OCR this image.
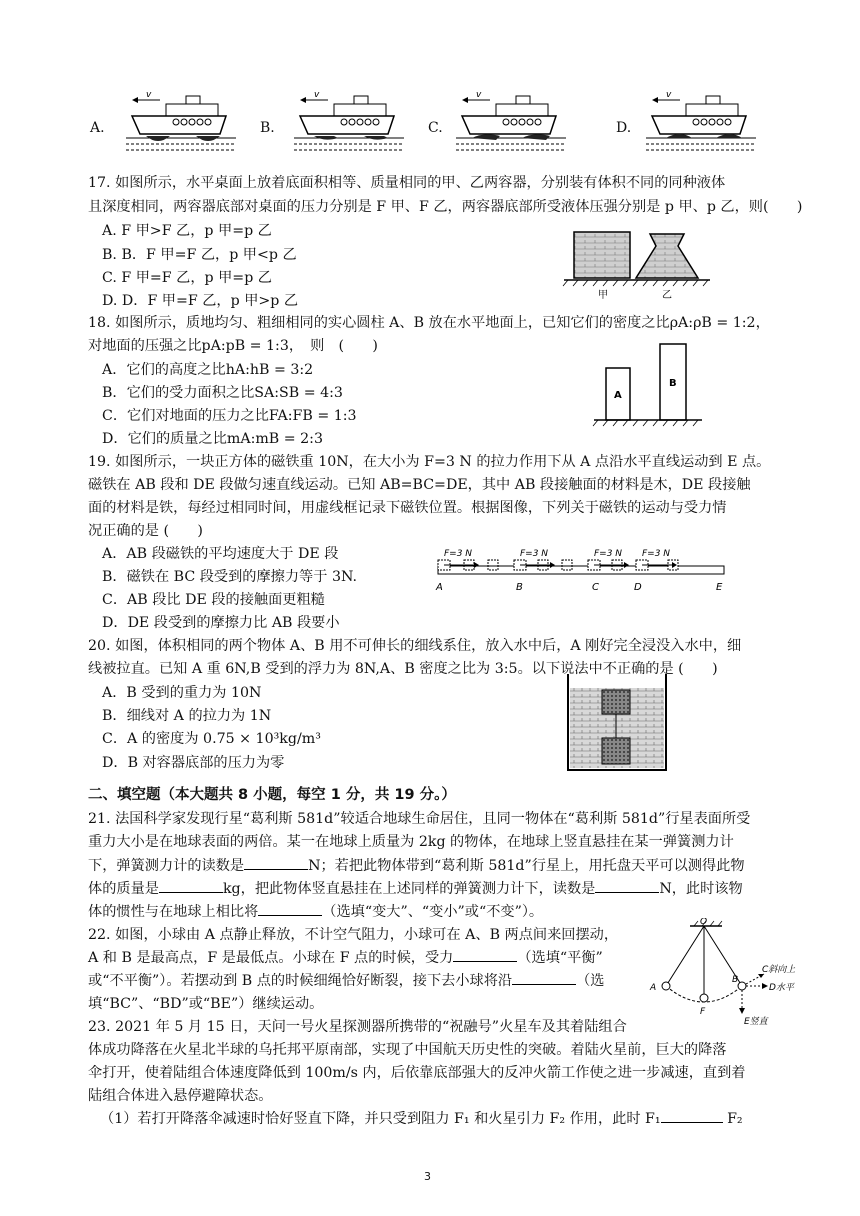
A.
v
B.
v
C.
v
D.
v
17. 如图所示，水平桌面上放着底面积相等、质量相同的甲、乙两容器，分别装有体积不同的同种液体
且深度相同，两容器底部对桌面的压力分别是 F 甲、F 乙，两容器底部所受液体压强分别是 p 甲、p 乙，则(　　)
A. F 甲>F 乙，p 甲=p 乙
B. B．F 甲=F 乙，p 甲<p 乙
C. F 甲=F 乙，p 甲=p 乙
D. D．F 甲=F 乙，p 甲>p 乙	甲	乙
18. 如图所示，质地均匀、粗细相同的实心圆柱 A、B 放在水平地面上，已知它们的密度之比ρA:ρB = 1:2，
对地面的压强之比pA:pB = 1:3，　则　(　　)
A．它们的高度之比hA:hB = 3:2
B．它们的受力面积之比SA:SB = 4:3
C．它们对地面的压力之比FA:FB = 1:3
D．它们的质量之比mA:mB = 2:3
A
B
19. 如图所示，一块正方体的磁铁重 10N，在大小为 F=3 N 的拉力作用下从 A 点沿水平直线运动到 E 点。
磁铁在 AB 段和 DE 段做匀速直线运动。已知 AB=BC=DE，其中 AB 段接触面的材料是木，DE 段接触
面的材料是铁，每经过相同时间，用虚线框记录下磁铁位置。根据图像，下列关于磁铁的运动与受力情
况正确的是 (　　)
A．AB 段磁铁的平均速度大于 DE 段
B．磁铁在 BC 段受到的摩擦力等于 3N.
C．AB 段比 DE 段的接触面更粗糙
D．DE 段受到的摩擦力比 AB 段要小
F=3 N	F=3 N	F=3 N F=3 N
A	B	C	D	E
20. 如图，体积相同的两个物体 A、B 用不可伸长的细线系住，放入水中后，A 刚好完全浸没入水中，细
线被拉直。已知 A 重 6N,B 受到的浮力为 8N,A、B 密度之比为 3:5。以下说法中不正确的是 (　　)
A．B 受到的重力为 10N
B．细线对 A 的拉力为 1N
C．A 的密度为 0.75 × 10³kg/m³
D．B 对容器底部的压力为零
二、填空题（本大题共 8 小题，每空 1 分，共 19 分。）
21. 法国科学家发现行星“葛利斯 581d”较适合地球生命居住，且同一物体在“葛利斯 581d”行星表面所受
重力大小是在地球表面的两倍。某一在地球上质量为 2kg 的物体，在地球上竖直悬挂在某一弹簧测力计
下，弹簧测力计的读数是	N；若把此物体带到“葛利斯 581d”行星上，用托盘天平可以测得此物
体的质量是	kg，把此物体竖直悬挂在上述同样的弹簧测力计下，读数是	N，此时该物
体的惯性与在地球上相比将	（选填“变大”、“变小”或“不变”）。
22. 如图，小球由 A 点静止释放，不计空气阻力，小球可在 A、B 两点间来回摆动，
A 和 B 是最高点，F 是最低点。小球在 F 点的时候，受力	（选填“平衡”
或“不平衡”）。若摆动到 B 点的时候细绳恰好断裂，接下去小球将沿	（选
填“BC”、“BD”或“BE”）继续运动。
O
A
F
B
C斜向上
D水平
E竖直
23. 2021 年 5 月 15 日，天问一号火星探测器所携带的“祝融号”火星车及其着陆组合
体成功降落在火星北半球的乌托邦平原南部，实现了中国航天历史性的突破。着陆火星前，巨大的降落
伞打开，使着陆组合体速度降低到 100m/s 内，后依靠底部强大的反冲火箭工作使之进一步减速，直到着
陆组合体进入悬停避障状态。
（1）若打开降落伞减速时恰好竖直下降，并只受到阻力 F₁ 和火星引力 F₂ 作用，此时 F₁	F₂
3
